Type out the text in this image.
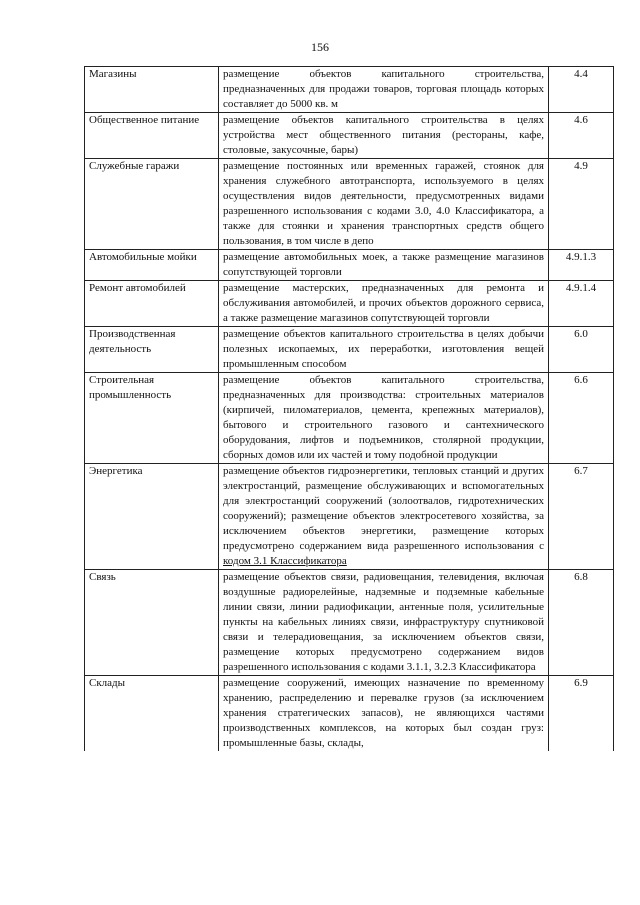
156
Магазины	размещение объектов капитального строительства, предназначенных для продажи товаров, торговая площадь которых составляет до 5000 кв. м	4.4
Общественное питание	размещение объектов капитального строительства в целях устройства мест общественного питания (рестораны, кафе, столовые, закусочные, бары)	4.6
Служебные гаражи	размещение постоянных или временных гаражей, стоянок для хранения служебного автотранспорта, используемого в целях осуществления видов деятельности, предусмотренных видами разрешенного использования с кодами 3.0, 4.0 Классификатора, а также для стоянки и хранения транспортных средств общего пользования, в том числе в депо	4.9
Автомобильные мойки	размещение автомобильных моек, а также размещение магазинов сопутствующей торговли	4.9.1.3
Ремонт автомобилей	размещение мастерских, предназначенных для ремонта и обслуживания автомобилей, и прочих объектов дорожного сервиса, а также размещение магазинов сопутствующей торговли	4.9.1.4
Производственная деятельность	размещение объектов капитального строительства в целях добычи полезных ископаемых, их переработки, изготовления вещей промышленным способом	6.0
Строительная промышленность	размещение объектов капитального строительства, предназначенных для производства: строительных материалов (кирпичей, пиломатериалов, цемента, крепежных материалов), бытового и строительного газового и сантехнического оборудования, лифтов и подъемников, столярной продукции, сборных домов или их частей и тому подобной продукции	6.6
Энергетика	размещение объектов гидроэнергетики, тепловых станций и других электростанций, размещение обслуживающих и вспомогательных для электростанций сооружений (золоотвалов, гидротехнических сооружений); размещение объектов электросетевого хозяйства, за исключением объектов энергетики, размещение которых предусмотрено содержанием вида разрешенного использования с кодом 3.1 Классификатора	6.7
Связь	размещение объектов связи, радиовещания, телевидения, включая воздушные радиорелейные, надземные и подземные кабельные линии связи, линии радиофикации, антенные поля, усилительные пункты на кабельных линиях связи, инфраструктуру спутниковой связи и телерадиовещания, за исключением объектов связи, размещение которых предусмотрено содержанием видов разрешенного использования с кодами 3.1.1, 3.2.3 Классификатора	6.8
Склады	размещение сооружений, имеющих назначение по временному хранению, распределению и перевалке грузов (за исключением хранения стратегических запасов), не являющихся частями производственных комплексов, на которых был создан груз: промышленные базы, склады,	6.9
